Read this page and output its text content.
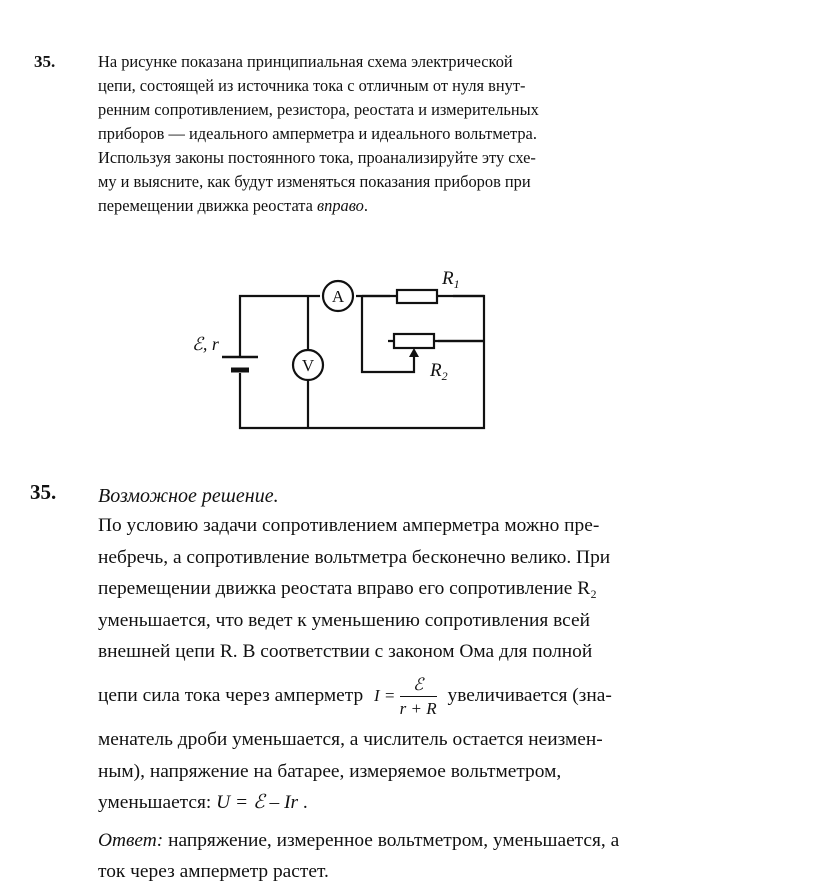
35.	На рисунке показана принципиальная схема электрической

цепи, состоящей из источника тока с отличным от нуля внут-

ренним сопротивлением, резистора, реостата и измерительных

приборов — идеального амперметра и идеального вольтметра.

Используя законы постоянного тока, проанализируйте эту схе-

му и выясните, как будут изменяться показания приборов при

перемещении движка реостата вправо.

A
V
ℰ, r
$R_1$
$R_2$
35. Возможное решение.

По условию задачи сопротивлением амперметра можно пре-

небречь, а сопротивление вольтметра бесконечно велико. При

перемещении движка реостата вправо его сопротивление R₂

уменьшается, что ведет к уменьшению сопротивления всей

внешней цепи R. В соответствии с законом Ома для полной

цепи сила тока через амперметр $I = \frac{\text{ℰ}}{r + R}$ увеличивается (зна-

менатель дроби уменьшается, а числитель остается неизмен-

ным), напряжение на батарее, измеряемое вольтметром,

уменьшается: U = ℰ – Ir .

Ответ: напряжение, измеренное вольтметром, уменьшается, а

ток через амперметр растет.
